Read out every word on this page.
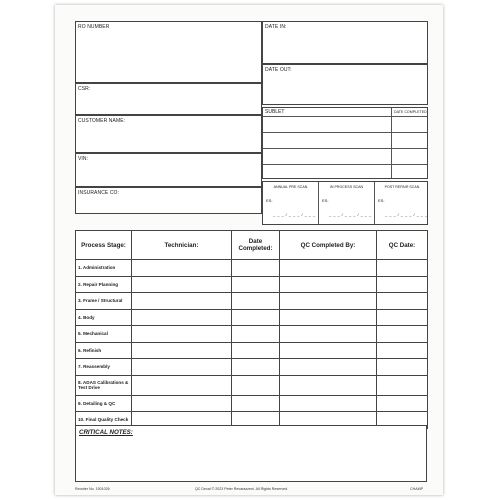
RO NUMBER
CSR:
CUSTOMER NAME:
VIN:
INSURANCE CO:
DATE IN:
DATE OUT:
SUBLET	DATE COMPLETED
ANNUAL PRE SCAN	IN PROCESS SCAN	POST REPAIR SCAN
ES:	ES:	ES:
___/___/___	___/___/___	___/___/___
Process Stage:	Technician:	Date Completed:	QC Completed By:	QC Date:
1. Administration				
2. Repair Planning				
3. Frame / Structural				
4. Body				
5. Mechanical				
6. Refinish				
7. Reassembly				
8. ADAS Calibrations & Test Drive				
9. Detailing & QC				
10. Final Quality Check				
CRITICAL NOTES:
Reorder No. 1501026	QC Decal © 2023 Peter Revarazzeni. All Rights Reserved.	CHAMP
